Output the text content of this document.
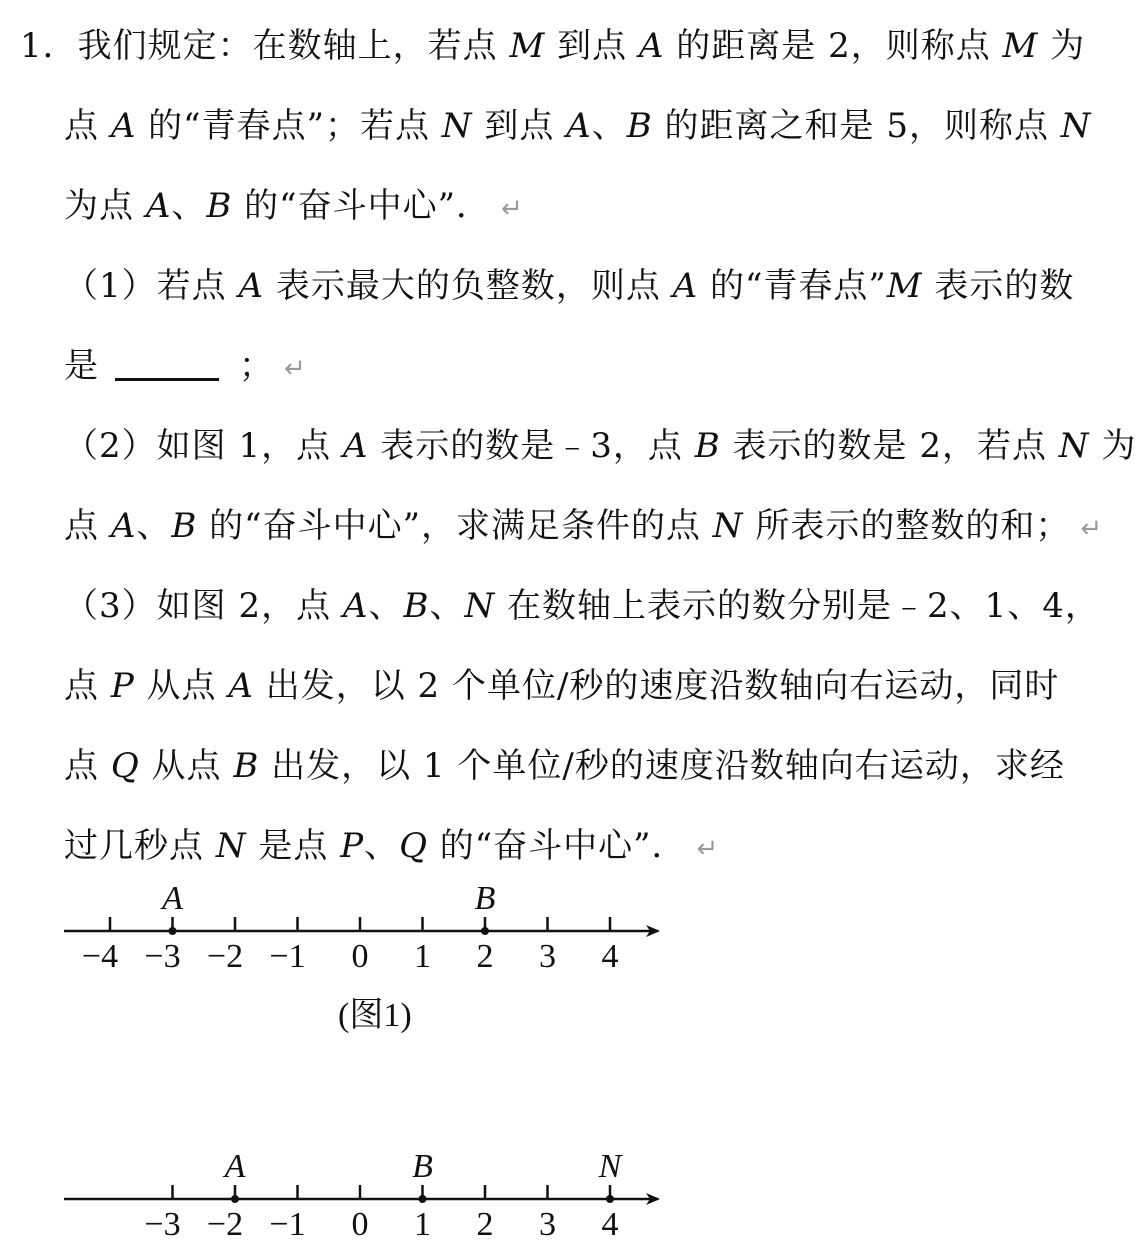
1．我们规定：在数轴上，若点 M 到点 A 的距离是 2，则称点 M 为
点 A 的“青春点”；若点 N 到点 A、B 的距离之和是 5，则称点 N
为点 A、B 的“奋斗中心”． ↵
（1）若点 A 表示最大的负整数，则点 A 的“青春点”M 表示的数
是	； ↵
（2）如图 1，点 A 表示的数是﹣3，点 B 表示的数是 2，若点 N 为
点 A、B 的“奋斗中心”，求满足条件的点 N 所表示的整数的和； ↵
（3）如图 2，点 A、B、N 在数轴上表示的数分别是﹣2、1、4，
点 P 从点 A 出发，以 2 个单位/秒的速度沿数轴向右运动，同时
点 Q 从点 B 出发，以 1 个单位/秒的速度沿数轴向右运动，求经
过几秒点 N 是点 P、Q 的“奋斗中心”． ↵
−4 −3 −2 −1 0 1 2 3 4
A	B
(图1)
−3 −2 −1 0 1 2 3 4
A	B	N
